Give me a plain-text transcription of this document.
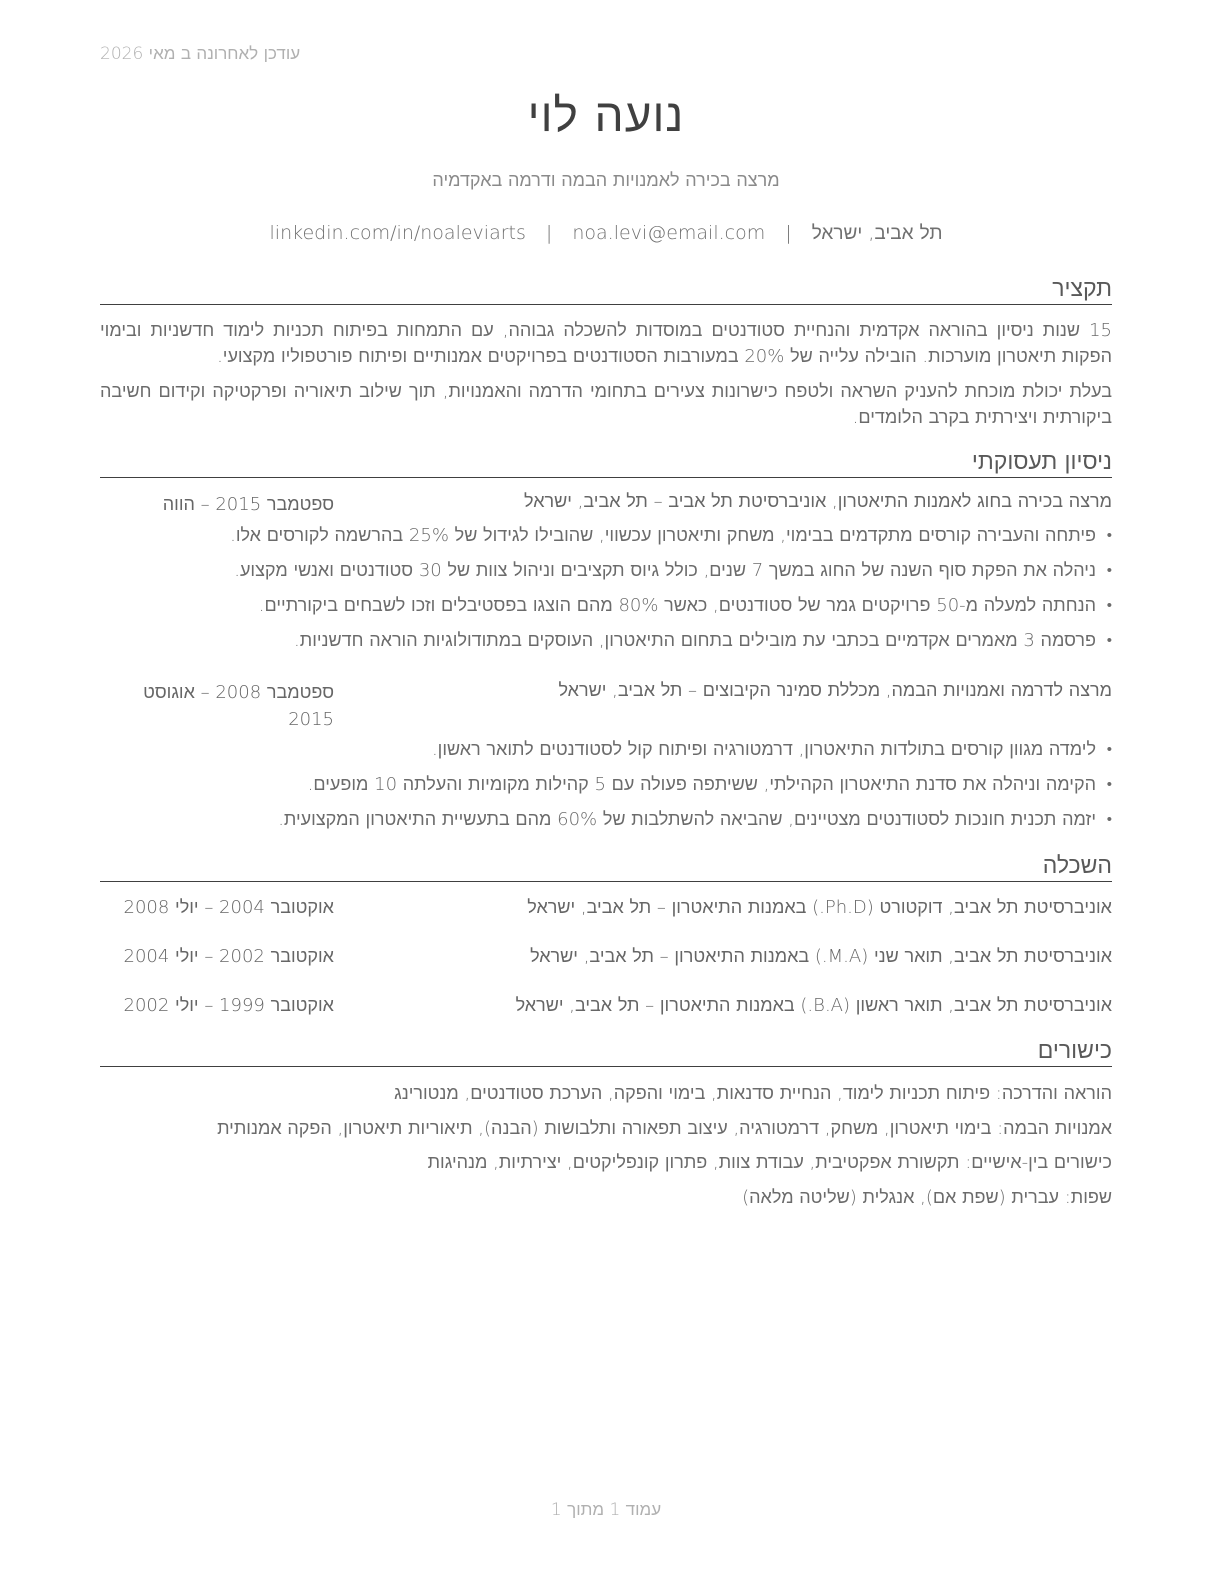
עודכן לאחרונה ב מאי 2026
נועה לוי
מרצה בכירה לאמנויות הבמה ודרמה באקדמיה
תל אביב, ישראל | noa.levi@email.com | linkedin.com/in/noaleviarts
תקציר
15 שנות ניסיון בהוראה אקדמית והנחיית סטודנטים במוסדות להשכלה גבוהה, עם התמחות בפיתוח תכניות לימוד חדשניות ובימוי הפקות תיאטרון מוערכות. הובילה עלייה של 20% במעורבות הסטודנטים בפרויקטים אמנותיים ופיתוח פורטפוליו מקצועי.
בעלת יכולת מוכחת להעניק השראה ולטפח כישרונות צעירים בתחומי הדרמה והאמנויות, תוך שילוב תיאוריה ופרקטיקה וקידום חשיבה ביקורתית ויצירתית בקרב הלומדים.
ניסיון תעסוקתי
מרצה בכירה בחוג לאמנות התיאטרון, אוניברסיטת תל אביב – תל אביב, ישראל
ספטמבר 2015 – הווה
• פיתחה והעבירה קורסים מתקדמים בבימוי, משחק ותיאטרון עכשווי, שהובילו לגידול של 25% בהרשמה לקורסים אלו.
• ניהלה את הפקת סוף השנה של החוג במשך 7 שנים, כולל גיוס תקציבים וניהול צוות של 30 סטודנטים ואנשי מקצוע.
• הנחתה למעלה מ-50 פרויקטים גמר של סטודנטים, כאשר 80% מהם הוצגו בפסטיבלים וזכו לשבחים ביקורתיים.
• פרסמה 3 מאמרים אקדמיים בכתבי עת מובילים בתחום התיאטרון, העוסקים במתודולוגיות הוראה חדשניות.
מרצה לדרמה ואמנויות הבמה, מכללת סמינר הקיבוצים – תל אביב, ישראל
ספטמבר 2008 – אוגוסט 2015
• לימדה מגוון קורסים בתולדות התיאטרון, דרמטורגיה ופיתוח קול לסטודנטים לתואר ראשון.
• הקימה וניהלה את סדנת התיאטרון הקהילתי, ששיתפה פעולה עם 5 קהילות מקומיות והעלתה 10 מופעים.
• יזמה תכנית חונכות לסטודנטים מצטיינים, שהביאה להשתלבות של 60% מהם בתעשיית התיאטרון המקצועית.
השכלה
אוניברסיטת תל אביב, דוקטורט (Ph.D.) באמנות התיאטרון – תל אביב, ישראל
אוקטובר 2004 – יולי 2008
אוניברסיטת תל אביב, תואר שני (M.A.) באמנות התיאטרון – תל אביב, ישראל
אוקטובר 2002 – יולי 2004
אוניברסיטת תל אביב, תואר ראשון (B.A.) באמנות התיאטרון – תל אביב, ישראל
אוקטובר 1999 – יולי 2002
כישורים
הוראה והדרכה: פיתוח תכניות לימוד, הנחיית סדנאות, בימוי והפקה, הערכת סטודנטים, מנטורינג
אמנויות הבמה: בימוי תיאטרון, משחק, דרמטורגיה, עיצוב תפאורה ותלבושות (הבנה), תיאוריות תיאטרון, הפקה אמנותית
כישורים בין-אישיים: תקשורת אפקטיבית, עבודת צוות, פתרון קונפליקטים, יצירתיות, מנהיגות
שפות: עברית (שפת אם), אנגלית (שליטה מלאה)
עמוד 1 מתוך 1
